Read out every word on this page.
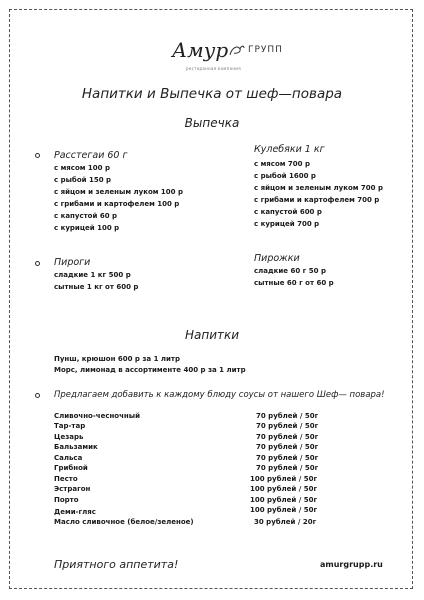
Амур ГРУПП
ресторанная компания
Напитки и Выпечка от шеф—повара
Выпечка
Расстегаи 60 г
с мясом 100 р
с рыбой 150 р
с яйцом и зеленым луком 100 р
с грибами и картофелем 100 р
с капустой 60 р
с курицей 100 р
Кулебяки 1 кг
с мясом 700 р
с рыбой 1600 р
с яйцом и зеленым луком 700 р
с грибами и картофелем 700 р
с капустой 600 р
с курицей 700 р
Пироги
сладкие 1 кг 500 р
сытные 1 кг от 600 р
Пирожки
сладкие 60 г 50 р
сытные 60 г от 60 р
Напитки
Пунш, крюшон 600 р за 1 литр
Морс, лимонад в ассортименте 400 р за 1 литр
Предлагаем добавить к каждому блюду соусы от нашего Шеф— повара!
Сливочно-чесночный	70 рублей / 50г
Тар-тар	70 рублей / 50г
Цезарь	70 рублей / 50г
Бальзамик	70 рублей / 50г
Сальса	70 рублей / 50г
Грибной	70 рублей / 50г
Песто	100 рублей / 50г
Эстрагон	100 рублей / 50г
Порто	100 рублей / 50г
Деми-гляс	100 рублей / 50г
Масло сливочное (белое/зеленое)	30 рублей / 20г
Приятного аппетита!	amurgrupp.ru
